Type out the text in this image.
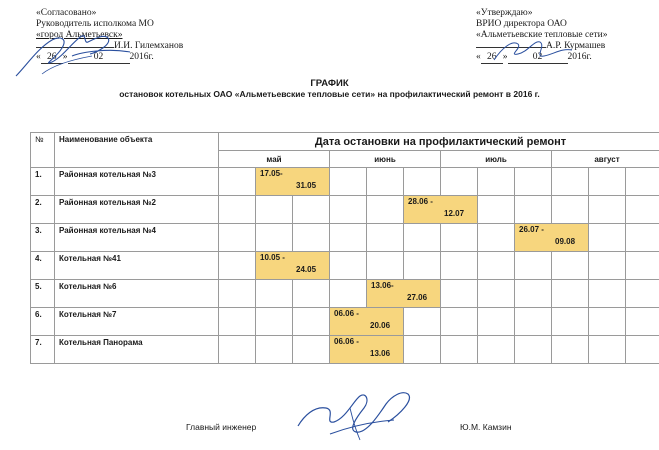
«Согласовано»
Руководитель исполкома МО
«город Альметьевск»
И.И. Гилемханов
« 26 »	02	2016г.
«Утверждаю»
ВРИО директора ОАО
«Альметьевские тепловые сети»
А.Р. Курмашев
« 26 »	02	2016г.
ГРАФИК
остановок котельных ОАО «Альметьевские тепловые сети» на профилактический ремонт в 2016 г.
№	Наименование объекта	Дата остановки на профилактический ремонт											
		май			июнь			июль			август		
1.	Районная котельная №3		17.05-
31.05										

2.	Районная котельная №2						28.06 -
12.07						

3.	Районная котельная №4									26.07 -
09.08			

4.	Котельная №41		10.05 -
24.05										

5.	Котельная №6					13.06-
27.06							

6.	Котельная №7				06.06 -
20.06								

7.	Котельная Панорама				06.06 -
13.06								

Главный инженер	Ю.М. Камзин
